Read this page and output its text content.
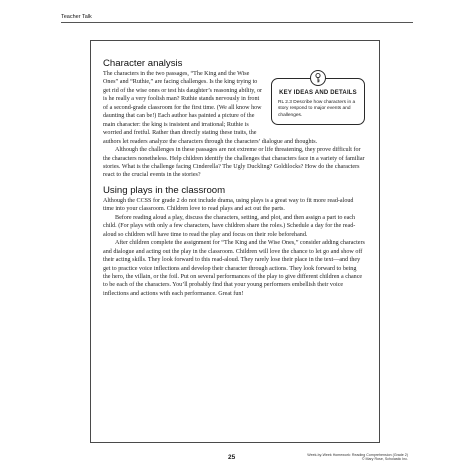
Teacher Talk
Character analysis
KEY IDEAS AND DETAILS
RL 2.3 Describe how characters in a story respond to major events and challenges.

The characters in the two passages, “The King and the Wise Ones” and “Ruthie,” are facing challenges. Is the king trying to get rid of the wise ones or test his daughter’s reasoning ability, or is he really a very foolish man? Ruthie stands nervously in front of a second-grade classroom for the first time. (We all know how daunting that can be!) Each author has painted a picture of the main character: the king is insistent and irrational; Ruthie is worried and fretful. Rather than directly stating these traits, the authors let readers analyze the characters through the characters’ dialogue and thoughts.

Although the challenges in these passages are not extreme or life threatening, they prove difficult for the characters nonetheless. Help children identify the challenges that characters face in a variety of familiar stories. What is the challenge facing Cinderella? The Ugly Duckling? Goldilocks? How do the characters react to the crucial events in the stories?

Using plays in the classroom

Although the CCSS for grade 2 do not include drama, using plays is a great way to fit more read-aloud time into your classroom. Children love to read plays and act out the parts.

Before reading aloud a play, discuss the characters, setting, and plot, and then assign a part to each child. (For plays with only a few characters, have children share the roles.) Schedule a day for the read-aloud so children will have time to read the play and focus on their role beforehand.

After children complete the assignment for “The King and the Wise Ones,” consider adding characters and dialogue and acting out the play in the classroom. Children will love the chance to let go and show off their acting skills. They look forward to this read-aloud. They rarely lose their place in the text—and they get to practice voice inflections and develop their character through actions. They look forward to being the hero, the villain, or the foil. Put on several performances of the play to give different children a chance to be each of the characters. You’ll probably find that your young performers embellish their voice inflections and actions with each performance. Great fun!

25	Week-by-Week Homework: Reading Comprehension (Grade 2)
© Mary Rose, Scholastic Inc.
